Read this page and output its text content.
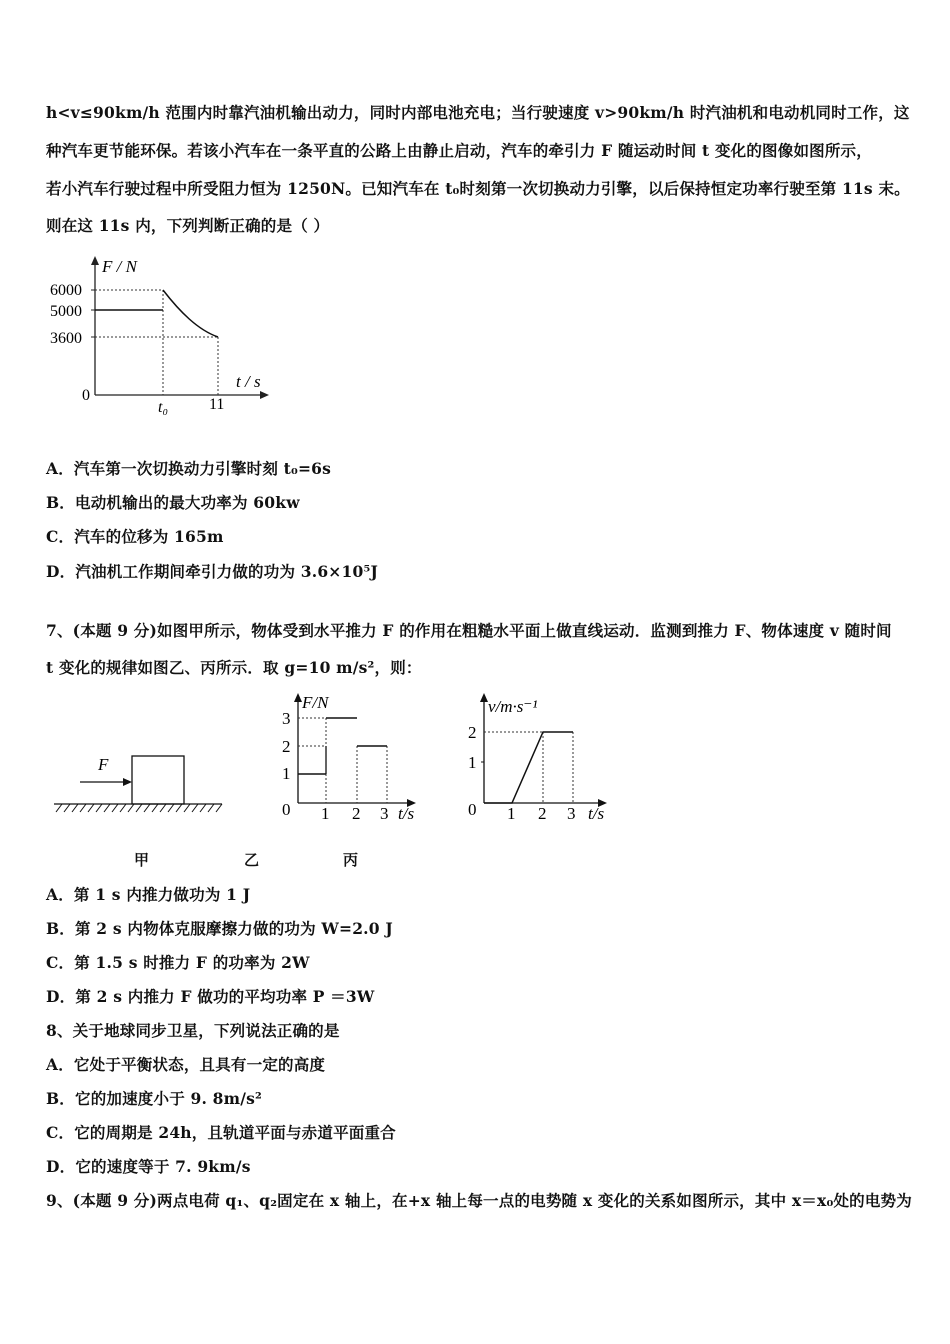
h<v≤90km/h 范围内时靠汽油机输出动力，同时内部电池充电；当行驶速度 v>90km/h 时汽油机和电动机同时工作，这
种汽车更节能环保。若该小汽车在一条平直的公路上由静止启动，汽车的牵引力 F 随运动时间 t 变化的图像如图所示，
若小汽车行驶过程中所受阻力恒为 1250N。已知汽车在 t₀时刻第一次切换动力引擎，以后保持恒定功率行驶至第 11s 末。
则在这 11s 内，下列判断正确的是（ ）
F / N
t / s
0
6000
5000
3600
t₀	11
A．汽车第一次切换动力引擎时刻 t₀=6s
B．电动机输出的最大功率为 60kw
C．汽车的位移为 165m
D．汽油机工作期间牵引力做的功为 3.6×10⁵J
7、(本题 9 分)如图甲所示，物体受到水平推力 F 的作用在粗糙水平面上做直线运动．监测到推力 F、物体速度 v 随时间
t 变化的规律如图乙、丙所示．取 g=10 m/s²，则：
F
F/N
t/s
0 1 2 3
1
2
3
v/m·s⁻¹
t/s
0 1 2 3
1
2
甲	乙	丙
A．第 1 s 内推力做功为 1 J
B．第 2 s 内物体克服摩擦力做的功为 W=2.0 J
C．第 1.5 s 时推力 F 的功率为 2W
D．第 2 s 内推力 F 做功的平均功率 P ＝3W
8、关于地球同步卫星，下列说法正确的是
A．它处于平衡状态，且具有一定的高度
B．它的加速度小于 9. 8m/s²
C．它的周期是 24h，且轨道平面与赤道平面重合
D．它的速度等于 7. 9km/s
9、(本题 9 分)两点电荷 q₁、q₂固定在 x 轴上，在+x 轴上每一点的电势随 x 变化的关系如图所示，其中 x＝x₀处的电势为
